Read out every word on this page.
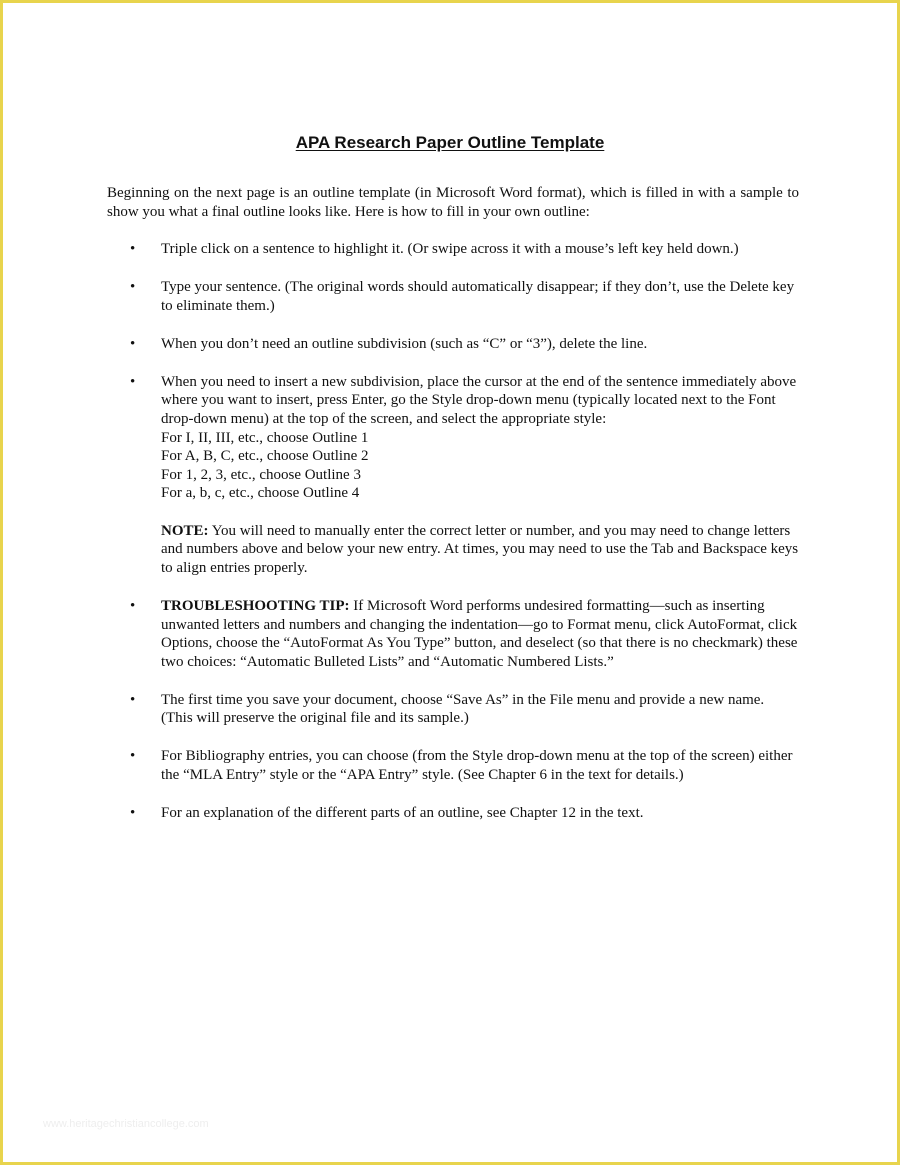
APA Research Paper Outline Template

Beginning on the next page is an outline template (in Microsoft Word format), which is filled in with a sample to show you what a final outline looks like. Here is how to fill in your own outline:

• Triple click on a sentence to highlight it. (Or swipe across it with a mouse’s left key held down.)
• Type your sentence. (The original words should automatically disappear; if they don’t, use the Delete key to eliminate them.)
• When you don’t need an outline subdivision (such as “C” or “3”), delete the line.
• When you need to insert a new subdivision, place the cursor at the end of the sentence immediately above where you want to insert, press Enter, go the Style drop-down menu (typically located next to the Font drop-down menu) at the top of the screen, and select the appropriate style:
For I, II, III, etc., choose Outline 1
For A, B, C, etc., choose Outline 2
For 1, 2, 3, etc., choose Outline 3
For a, b, c, etc., choose Outline 4
NOTE: You will need to manually enter the correct letter or number, and you may need to change letters and numbers above and below your new entry. At times, you may need to use the Tab and Backspace keys to align entries properly.
• TROUBLESHOOTING TIP: If Microsoft Word performs undesired formatting—such as inserting unwanted letters and numbers and changing the indentation—go to Format menu, click AutoFormat, click Options, choose the “AutoFormat As You Type” button, and deselect (so that there is no checkmark) these two choices: “Automatic Bulleted Lists” and “Automatic Numbered Lists.”
• The first time you save your document, choose “Save As” in the File menu and provide a new name. (This will preserve the original file and its sample.)
• For Bibliography entries, you can choose (from the Style drop-down menu at the top of the screen) either the “MLA Entry” style or the “APA Entry” style. (See Chapter 6 in the text for details.)
• For an explanation of the different parts of an outline, see Chapter 12 in the text.
www.heritagechristiancollege.com
